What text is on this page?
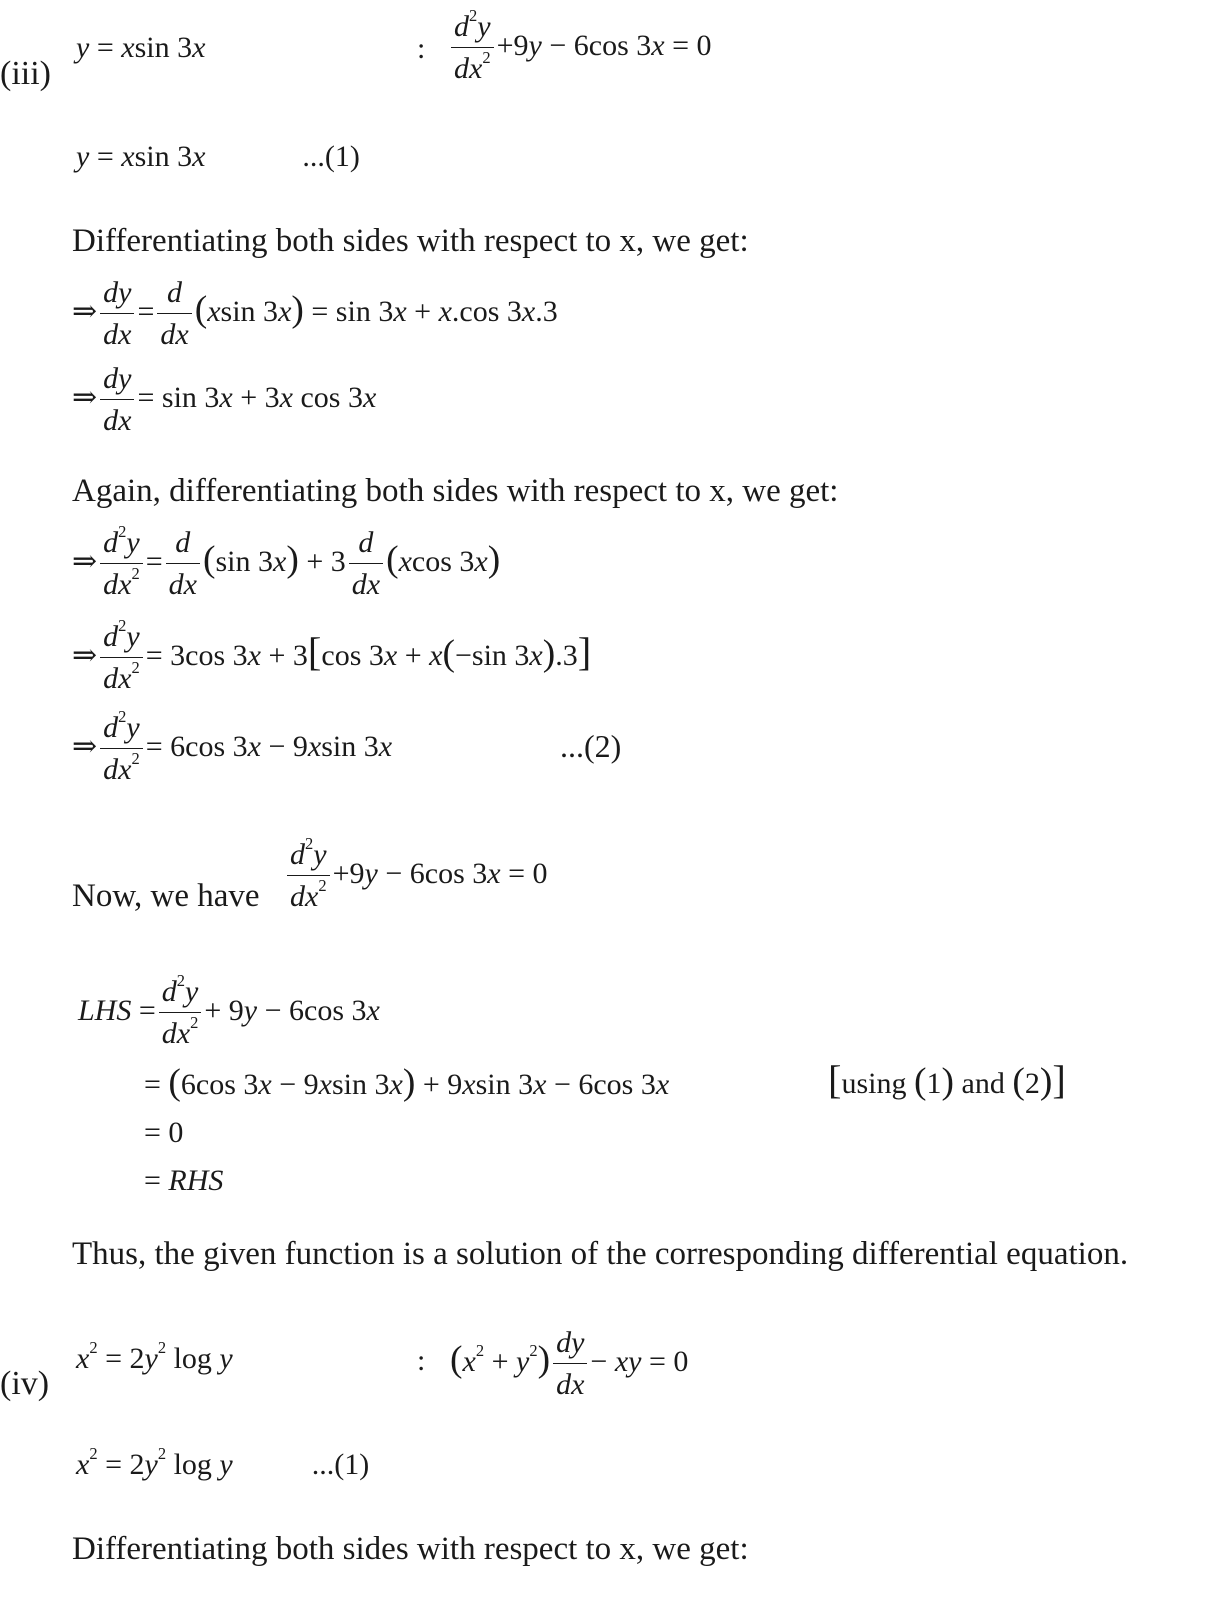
(iii)
y = xsin 3x	: $\frac{d^2y}{dx^2} +9y - 6\cos$ 3x = 0
y = xsin 3x	...(1)
Differentiating both sides with respect to x, we get:
⇒ $\frac{dy}{dx} = \frac{d}{dx} (xsin$ 3x) = sin 3x + x.cos 3x.3
⇒ $\frac{dy}{dx} = \sin 3x + 3x$ cos 3x
Again, differentiating both sides with respect to x, we get:
⇒ $\frac{d^2y}{dx^2} = \frac{d}{dx} (\sin$ $3x) + 3 \frac{d}{dx} (xcos$ 3x)
⇒ $\frac{d^2y}{dx^2} = 3\cos$ 3x + 3[cos 3x + x(−sin 3x).3]
⇒ $\frac{d^2y}{dx^2} = 6\cos$ 3x − 9xsin 3x	...(2)
Now, we have $\frac{d^2y}{dx^2} +9y - 6\cos$ 3x = 0
LHS = $\frac{d^2y}{dx^2} + 9y - 6\cos$ 3x
= (6cos 3x − 9xsin 3x) + 9xsin 3x − 6cos 3x	[using (1) and (2)]
= 0
= RHS
Thus, the given function is a solution of the corresponding differential equation.
(iv)
$x^2 = 2y^2$ log y	: $(x^2 + y^2) \frac{dy}{dx}$ − xy = 0
$x^2 = 2y^2$ log y	...(1)
Differentiating both sides with respect to x, we get:
